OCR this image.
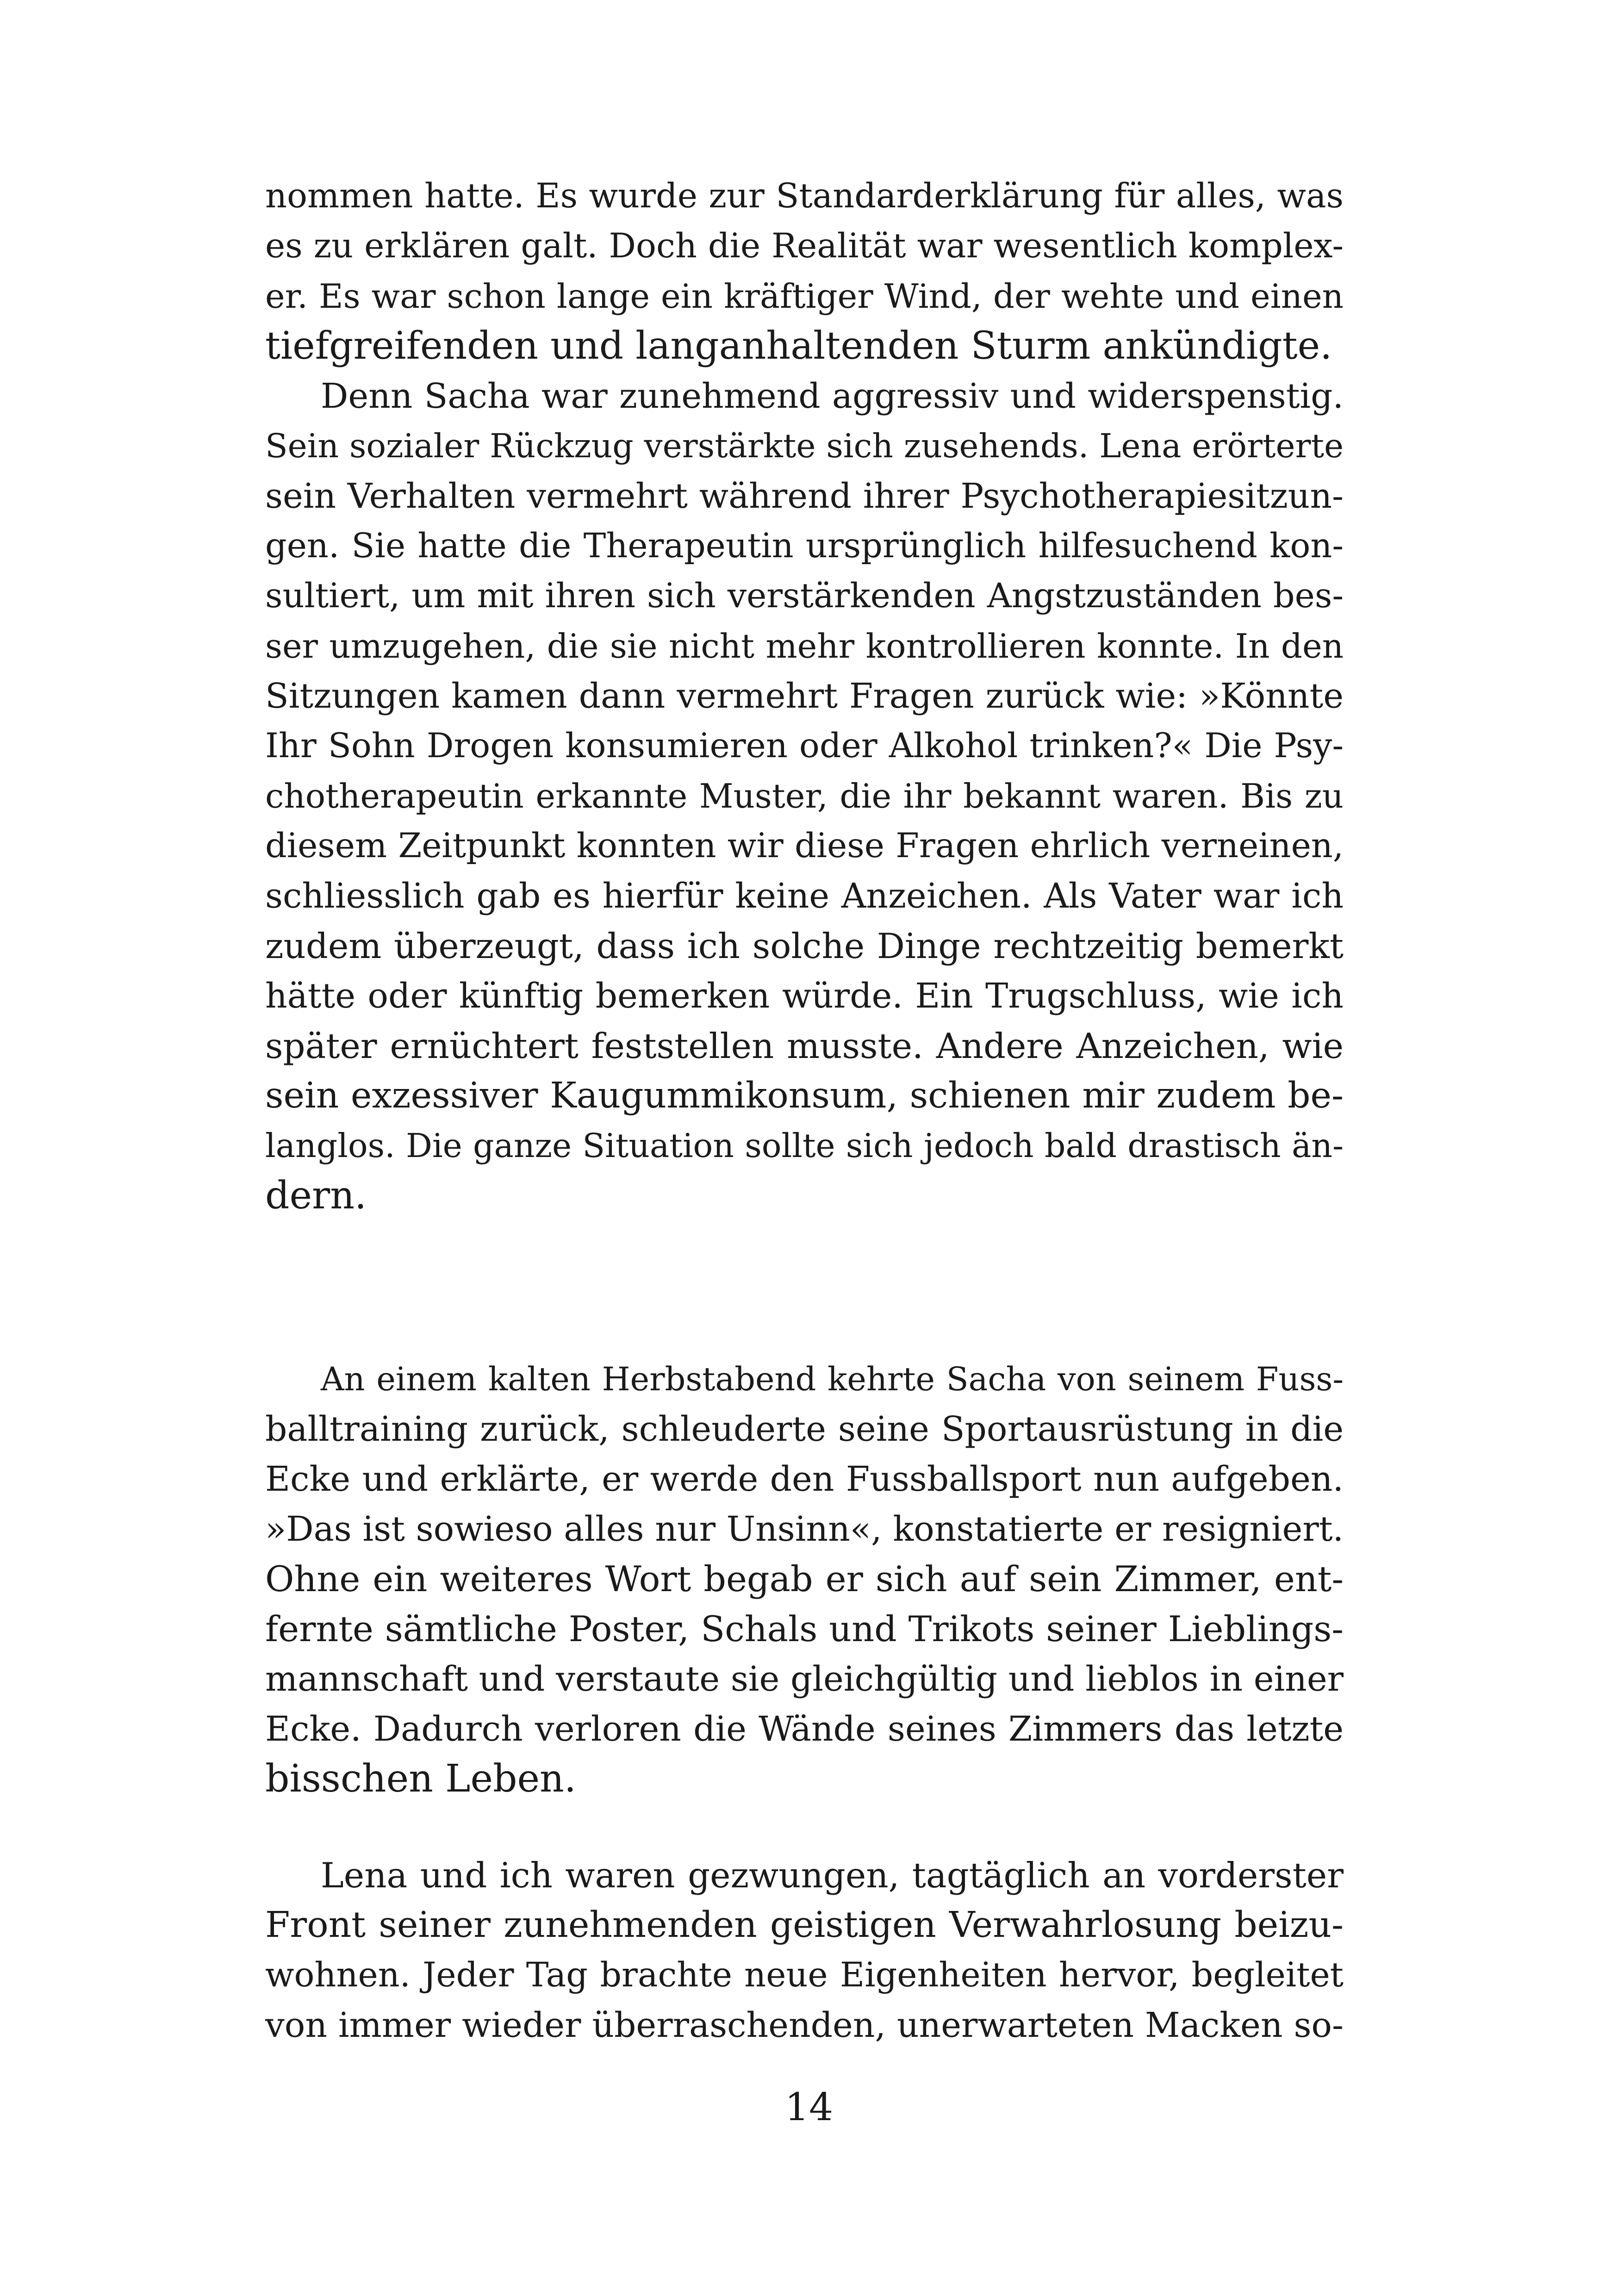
nommen hatte. Es wurde zur Standarderklärung für alles, was
es zu erklären galt. Doch die Realität war wesentlich komplex-
er. Es war schon lange ein kräftiger Wind, der wehte und einen
tiefgreifenden und langanhaltenden Sturm ankündigte.
Denn Sacha war zunehmend aggressiv und widerspenstig.
Sein sozialer Rückzug verstärkte sich zusehends. Lena erörterte
sein Verhalten vermehrt während ihrer Psychotherapiesitzun-
gen. Sie hatte die Therapeutin ursprünglich hilfesuchend kon-
sultiert, um mit ihren sich verstärkenden Angstzuständen bes-
ser umzugehen, die sie nicht mehr kontrollieren konnte. In den
Sitzungen kamen dann vermehrt Fragen zurück wie: »Könnte
Ihr Sohn Drogen konsumieren oder Alkohol trinken?« Die Psy-
chotherapeutin erkannte Muster, die ihr bekannt waren. Bis zu
diesem Zeitpunkt konnten wir diese Fragen ehrlich verneinen,
schliesslich gab es hierfür keine Anzeichen. Als Vater war ich
zudem überzeugt, dass ich solche Dinge rechtzeitig bemerkt
hätte oder künftig bemerken würde. Ein Trugschluss, wie ich
später ernüchtert feststellen musste. Andere Anzeichen, wie
sein exzessiver Kaugummikonsum, schienen mir zudem be-
langlos. Die ganze Situation sollte sich jedoch bald drastisch än-
dern.
An einem kalten Herbstabend kehrte Sacha von seinem Fuss-
balltraining zurück, schleuderte seine Sportausrüstung in die
Ecke und erklärte, er werde den Fussballsport nun aufgeben.
»Das ist sowieso alles nur Unsinn«, konstatierte er resigniert.
Ohne ein weiteres Wort begab er sich auf sein Zimmer, ent-
fernte sämtliche Poster, Schals und Trikots seiner Lieblings-
mannschaft und verstaute sie gleichgültig und lieblos in einer
Ecke. Dadurch verloren die Wände seines Zimmers das letzte
bisschen Leben.
Lena und ich waren gezwungen, tagtäglich an vorderster
Front seiner zunehmenden geistigen Verwahrlosung beizu-
wohnen. Jeder Tag brachte neue Eigenheiten hervor, begleitet
von immer wieder überraschenden, unerwarteten Macken so-
14
